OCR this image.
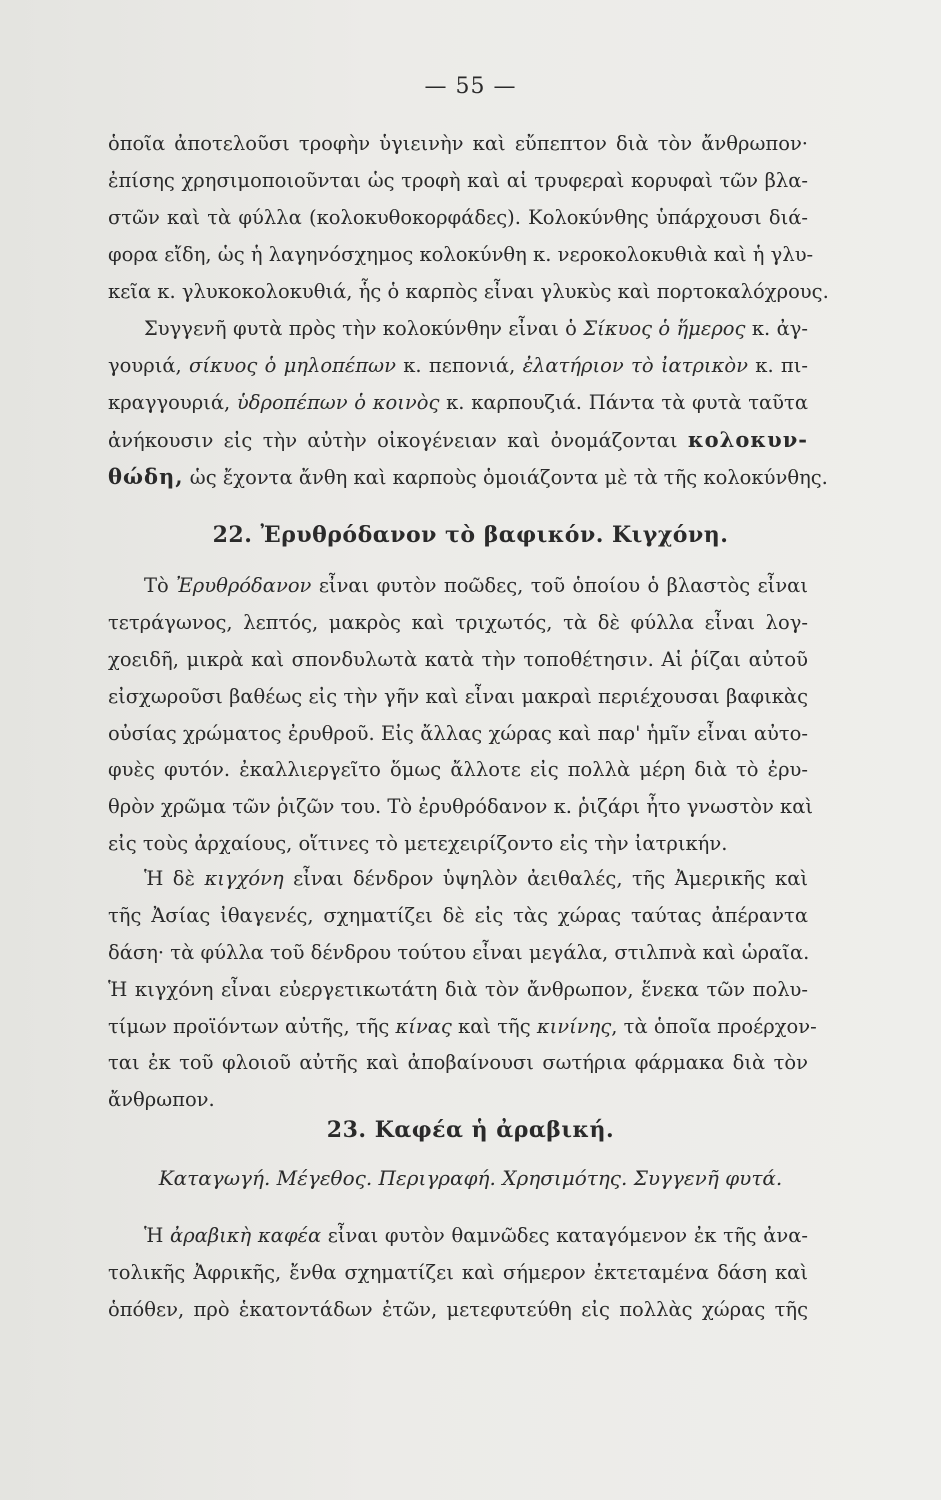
— 55 —
ὁποῖα ἀποτελοῦσι τροφὴν ὑγιεινὴν καὶ εὔπεπτον διὰ τὸν ἄνθρωπον·
ἐπίσης χρησιμοποιοῦνται ὡς τροφὴ καὶ αἱ τρυφεραὶ κορυφαὶ τῶν βλα-
στῶν καὶ τὰ φύλλα (κολοκυθοκορφάδες). Κολοκύνθης ὑπάρχουσι διά-
φορα εἴδη, ὡς ἡ λαγηνόσχημος κολοκύνθη κ. νεροκολοκυθιὰ καὶ ἡ γλυ-
κεῖα κ. γλυκοκολοκυθιά, ἧς ὁ καρπὸς εἶναι γλυκὺς καὶ πορτοκαλόχρους.
Συγγενῆ φυτὰ πρὸς τὴν κολοκύνθην εἶναι ὁ Σίκυος ὁ ἥμερος κ. ἀγ-
γουριά, σίκυος ὁ μηλοπέπων κ. πεπονιά, ἐλατήριον τὸ ἰατρικὸν κ. πι-
κραγγουριά, ὑδροπέπων ὁ κοινὸς κ. καρπουζιά. Πάντα τὰ φυτὰ ταῦτα
ἀνήκουσιν εἰς τὴν αὐτὴν οἰκογένειαν καὶ ὀνομάζονται κολοκυν-
θώδη, ὡς ἔχοντα ἄνθη καὶ καρποὺς ὁμοιάζοντα μὲ τὰ τῆς κολοκύνθης.
22. Ἐρυθρόδανον τὸ βαφικόν. Κιγχόνη.
Τὸ Ἐρυθρόδανον εἶναι φυτὸν ποῶδες, τοῦ ὁποίου ὁ βλαστὸς εἶναι
τετράγωνος, λεπτός, μακρὸς καὶ τριχωτός, τὰ δὲ φύλλα εἶναι λογ-
χοειδῆ, μικρὰ καὶ σπονδυλωτὰ κατὰ τὴν τοποθέτησιν. Αἱ ῥίζαι αὐτοῦ
εἰσχωροῦσι βαθέως εἰς τὴν γῆν καὶ εἶναι μακραὶ περιέχουσαι βαφικὰς
οὐσίας χρώματος ἐρυθροῦ. Εἰς ἄλλας χώρας καὶ παρ' ἡμῖν εἶναι αὐτο-
φυὲς φυτόν. ἐκαλλιεργεῖτο ὅμως ἄλλοτε εἰς πολλὰ μέρη διὰ τὸ ἐρυ-
θρὸν χρῶμα τῶν ῥιζῶν του. Τὸ ἐρυθρόδανον κ. ῥιζάρι ἦτο γνωστὸν καὶ
εἰς τοὺς ἀρχαίους, οἵτινες τὸ μετεχειρίζοντο εἰς τὴν ἰατρικήν.
Ἡ δὲ κιγχόνη εἶναι δένδρον ὑψηλὸν ἀειθαλές, τῆς Ἀμερικῆς καὶ
τῆς Ἀσίας ἰθαγενές, σχηματίζει δὲ εἰς τὰς χώρας ταύτας ἀπέραντα
δάση· τὰ φύλλα τοῦ δένδρου τούτου εἶναι μεγάλα, στιλπνὰ καὶ ὡραῖα.
Ἡ κιγχόνη εἶναι εὐεργετικωτάτη διὰ τὸν ἄνθρωπον, ἕνεκα τῶν πολυ-
τίμων προϊόντων αὐτῆς, τῆς κίνας καὶ τῆς κινίνης, τὰ ὁποῖα προέρχον-
ται ἐκ τοῦ φλοιοῦ αὐτῆς καὶ ἀποβαίνουσι σωτήρια φάρμακα διὰ τὸν
ἄνθρωπον.
23. Καφέα ἡ ἀραβική.
Καταγωγή. Μέγεθος. Περιγραφή. Χρησιμότης. Συγγενῆ φυτά.
Ἡ ἀραβικὴ καφέα εἶναι φυτὸν θαμνῶδες καταγόμενον ἐκ τῆς ἀνα-
τολικῆς Ἀφρικῆς, ἔνθα σχηματίζει καὶ σήμερον ἐκτεταμένα δάση καὶ
ὁπόθεν, πρὸ ἑκατοντάδων ἐτῶν, μετεφυτεύθη εἰς πολλὰς χώρας τῆς
